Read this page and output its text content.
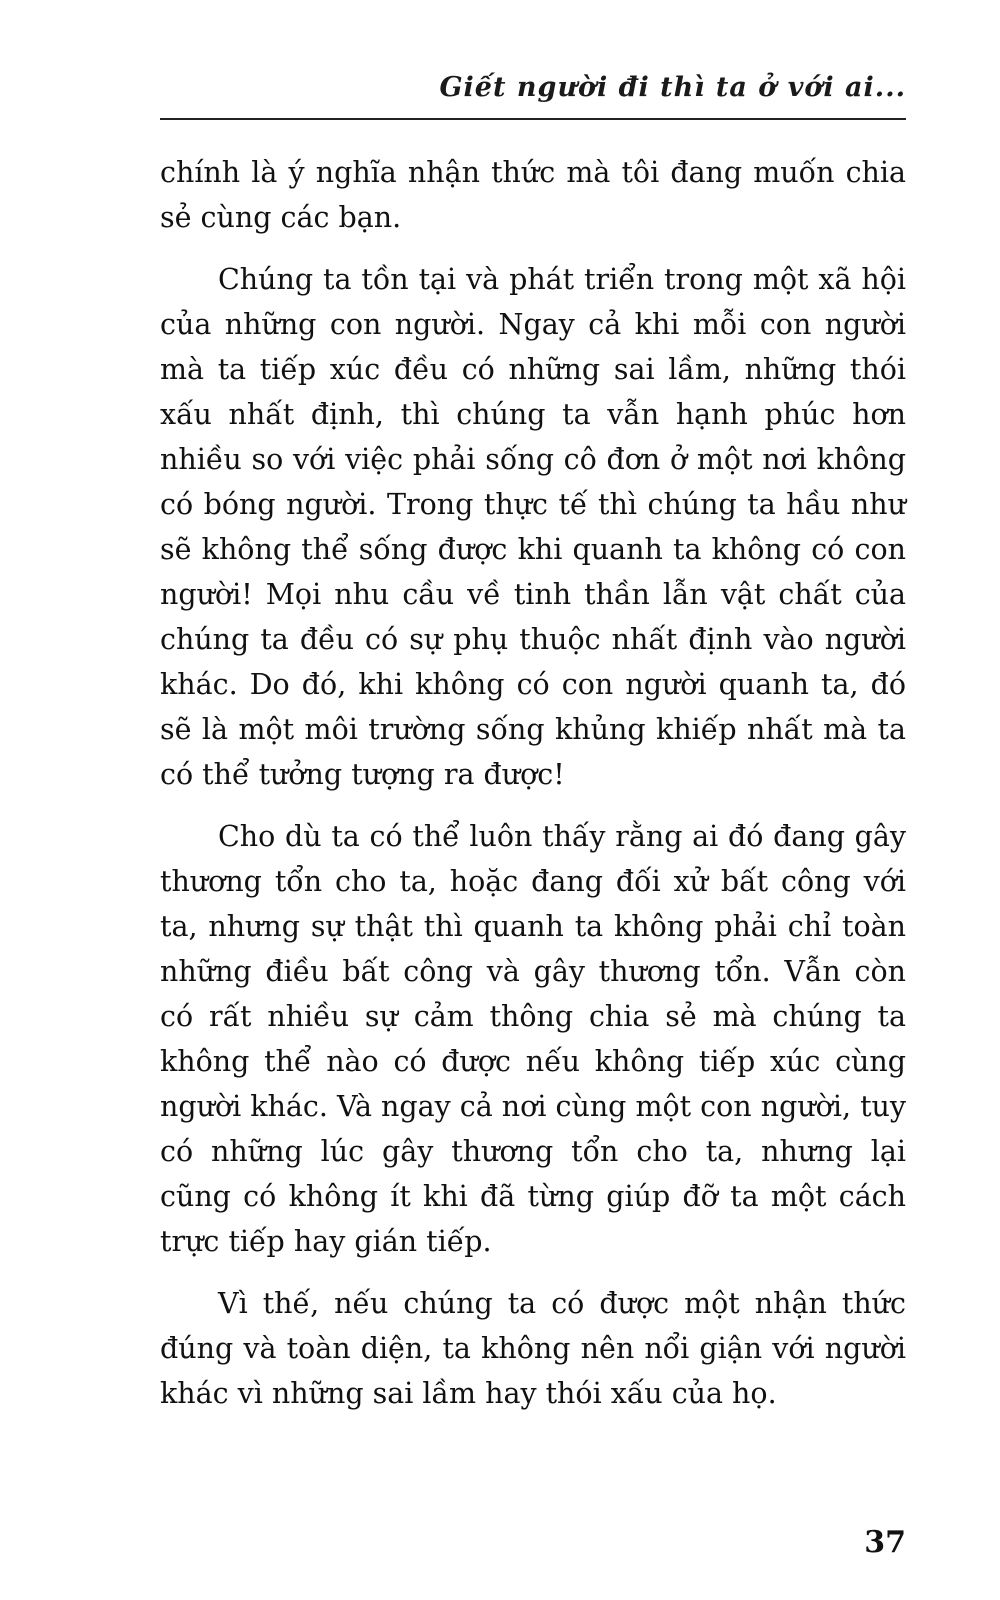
Giết người đi thì ta ở với ai...

chính là ý nghĩa nhận thức mà tôi đang muốn chia sẻ cùng các bạn.

Chúng ta tồn tại và phát triển trong một xã hội của những con người. Ngay cả khi mỗi con người mà ta tiếp xúc đều có những sai lầm, những thói xấu nhất định, thì chúng ta vẫn hạnh phúc hơn nhiều so với việc phải sống cô đơn ở một nơi không có bóng người. Trong thực tế thì chúng ta hầu như sẽ không thể sống được khi quanh ta không có con người! Mọi nhu cầu về tinh thần lẫn vật chất của chúng ta đều có sự phụ thuộc nhất định vào người khác. Do đó, khi không có con người quanh ta, đó sẽ là một môi trường sống khủng khiếp nhất mà ta có thể tưởng tượng ra được!

Cho dù ta có thể luôn thấy rằng ai đó đang gây thương tổn cho ta, hoặc đang đối xử bất công với ta, nhưng sự thật thì quanh ta không phải chỉ toàn những điều bất công và gây thương tổn. Vẫn còn có rất nhiều sự cảm thông chia sẻ mà chúng ta không thể nào có được nếu không tiếp xúc cùng người khác. Và ngay cả nơi cùng một con người, tuy có những lúc gây thương tổn cho ta, nhưng lại cũng có không ít khi đã từng giúp đỡ ta một cách trực tiếp hay gián tiếp.

Vì thế, nếu chúng ta có được một nhận thức đúng và toàn diện, ta không nên nổi giận với người khác vì những sai lầm hay thói xấu của họ.

37
